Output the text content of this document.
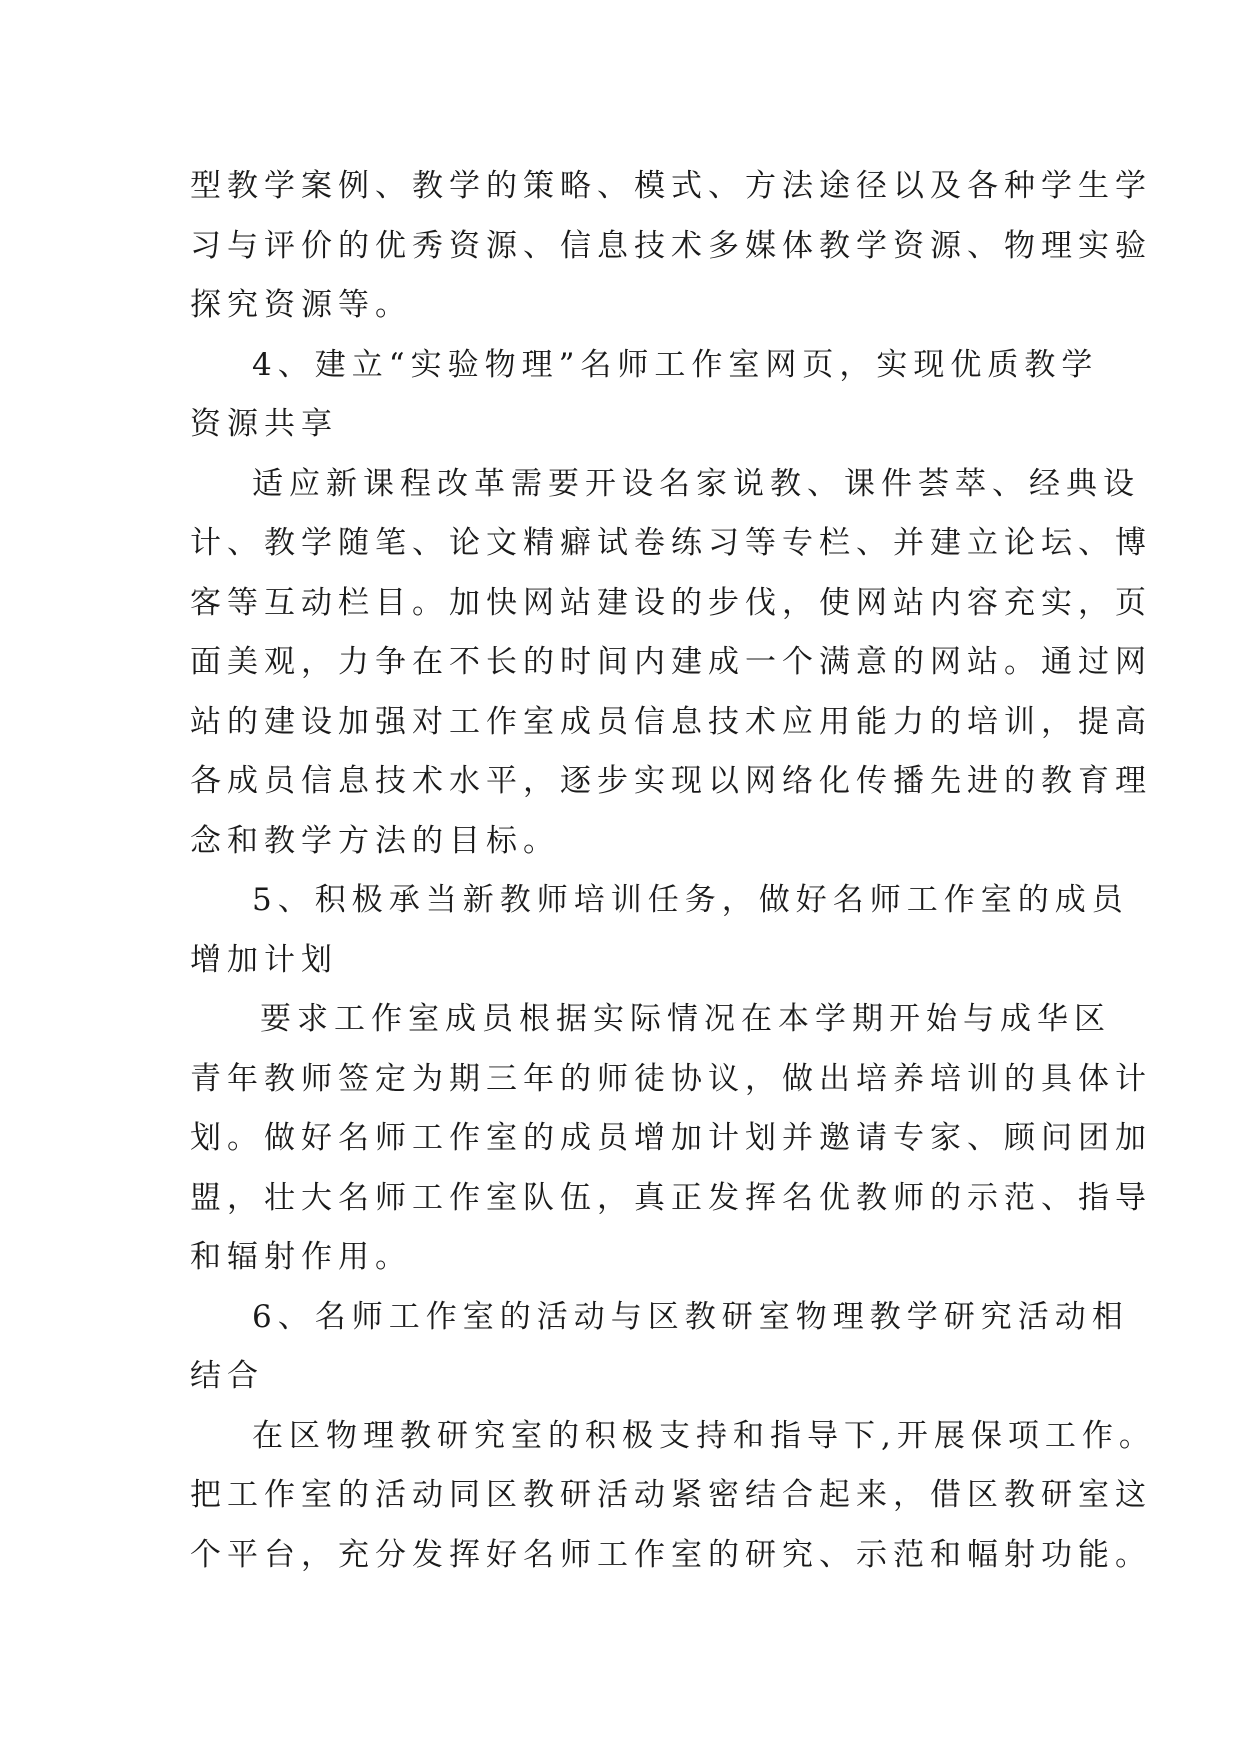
型教学案例、教学的策略、模式、方法途径以及各种学生学
习与评价的优秀资源、信息技术多媒体教学资源、物理实验
探究资源等。
4、建立“实验物理”名师工作室网页，实现优质教学
资源共享
适应新课程改革需要开设名家说教、课件荟萃、经典设
计、教学随笔、论文精癖试卷练习等专栏、并建立论坛、博
客等互动栏目。加快网站建设的步伐，使网站内容充实，页
面美观，力争在不长的时间内建成一个满意的网站。通过网
站的建设加强对工作室成员信息技术应用能力的培训，提高
各成员信息技术水平，逐步实现以网络化传播先进的教育理
念和教学方法的目标。
5、积极承当新教师培训任务，做好名师工作室的成员
增加计划
要求工作室成员根据实际情况在本学期开始与成华区
青年教师签定为期三年的师徒协议，做出培养培训的具体计
划。做好名师工作室的成员增加计划并邀请专家、顾问团加
盟，壮大名师工作室队伍，真正发挥名优教师的示范、指导
和辐射作用。
6、名师工作室的活动与区教研室物理教学研究活动相
结合
在区物理教研究室的积极支持和指导下,开展保项工作。
把工作室的活动同区教研活动紧密结合起来，借区教研室这
个平台，充分发挥好名师工作室的研究、示范和幅射功能。
